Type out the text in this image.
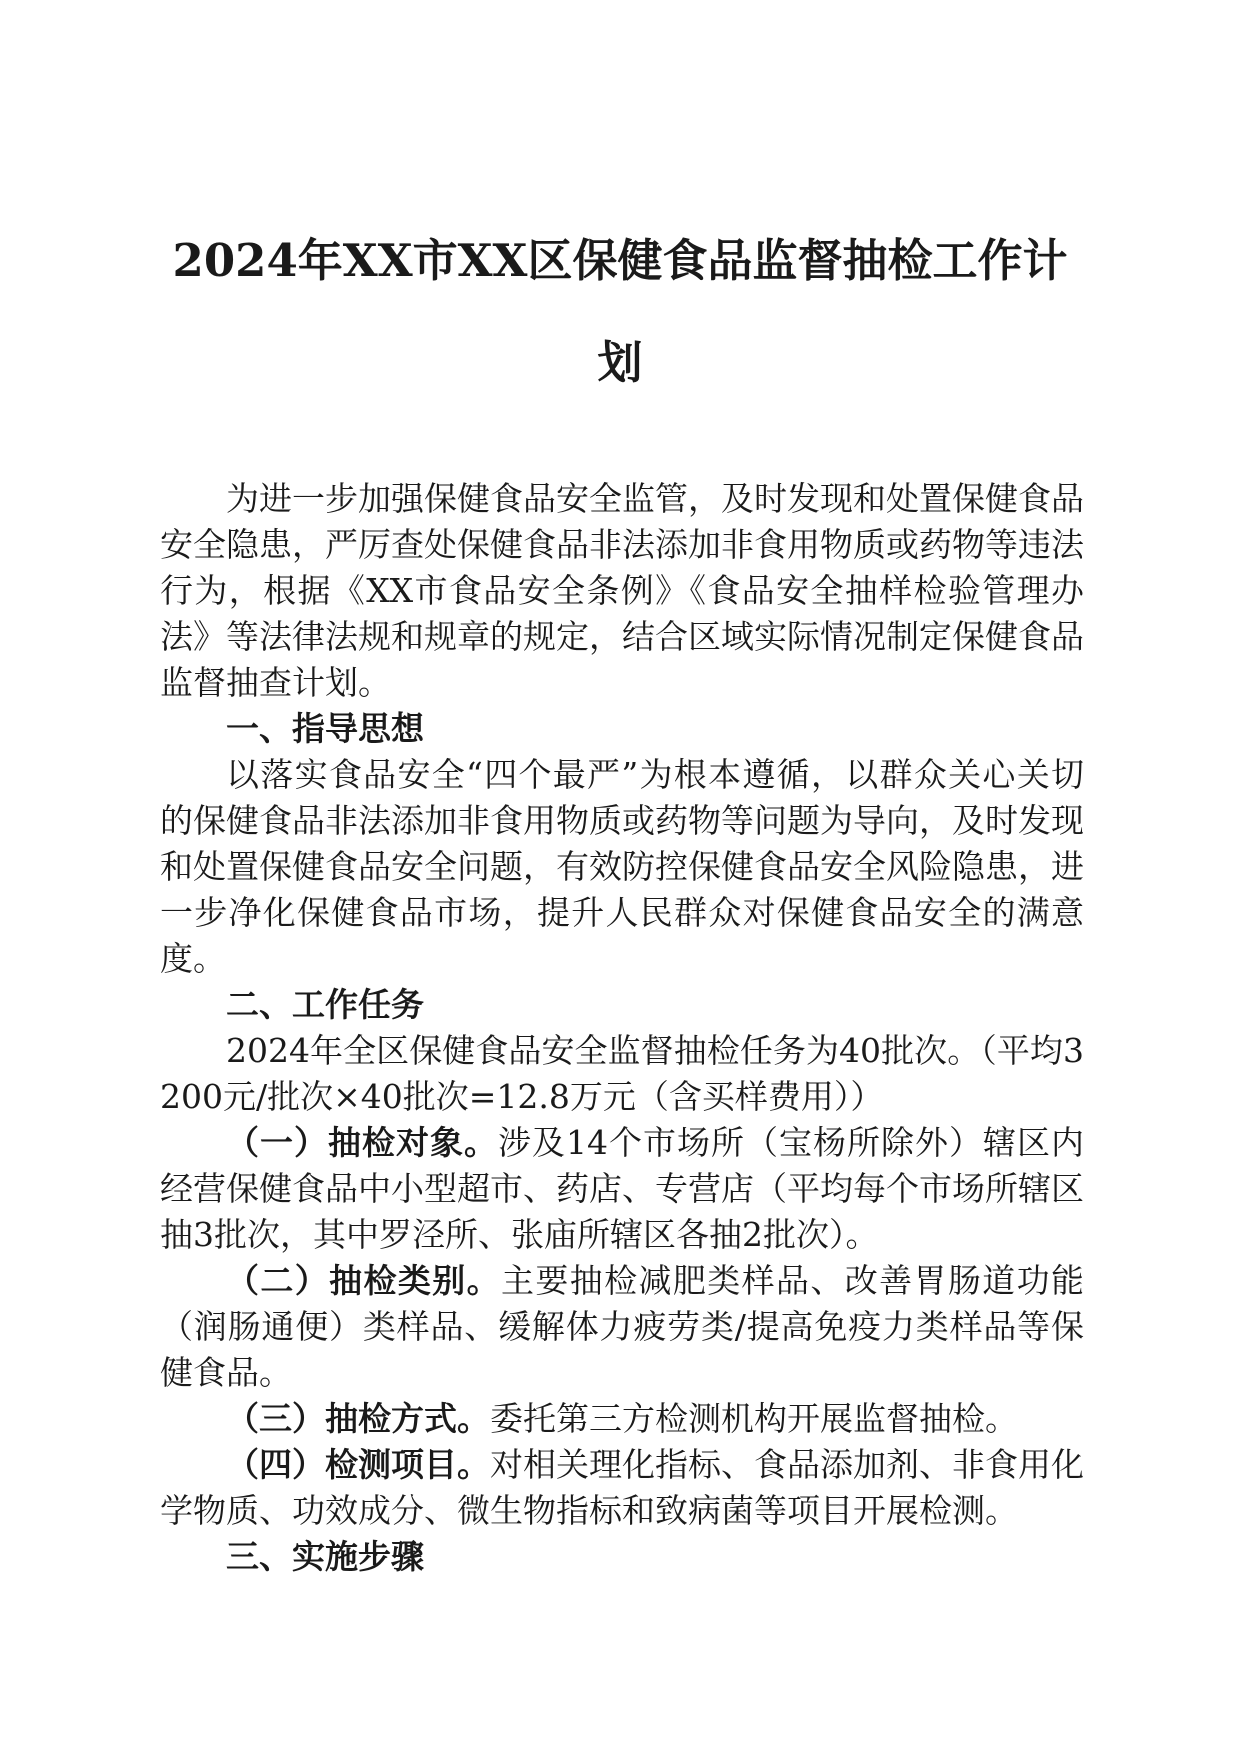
2024年XX市XX区保健食品监督抽检工作计
划

为进一步加强保健食品安全监管，及时发现和处置保健食品安全隐患，严厉查处保健食品非法添加非食用物质或药物等违法行为，根据《XX市食品安全条例》《食品安全抽样检验管理办法》等法律法规和规章的规定，结合区域实际情况制定保健食品监督抽查计划。

一、指导思想

以落实食品安全“四个最严”为根本遵循，以群众关心关切的保健食品非法添加非食用物质或药物等问题为导向，及时发现和处置保健食品安全问题，有效防控保健食品安全风险隐患，进一步净化保健食品市场，提升人民群众对保健食品安全的满意度。

二、工作任务

2024年全区保健食品安全监督抽检任务为40批次。（平均3200元/批次×40批次=12.8万元（含买样费用））

（一）抽检对象。涉及14个市场所（宝杨所除外）辖区内经营保健食品中小型超市、药店、专营店（平均每个市场所辖区抽3批次，其中罗泾所、张庙所辖区各抽2批次）。

（二）抽检类别。主要抽检减肥类样品、改善胃肠道功能（润肠通便）类样品、缓解体力疲劳类/提高免疫力类样品等保健食品。

（三）抽检方式。委托第三方检测机构开展监督抽检。

（四）检测项目。对相关理化指标、食品添加剂、非食用化学物质、功效成分、微生物指标和致病菌等项目开展检测。

三、实施步骤
